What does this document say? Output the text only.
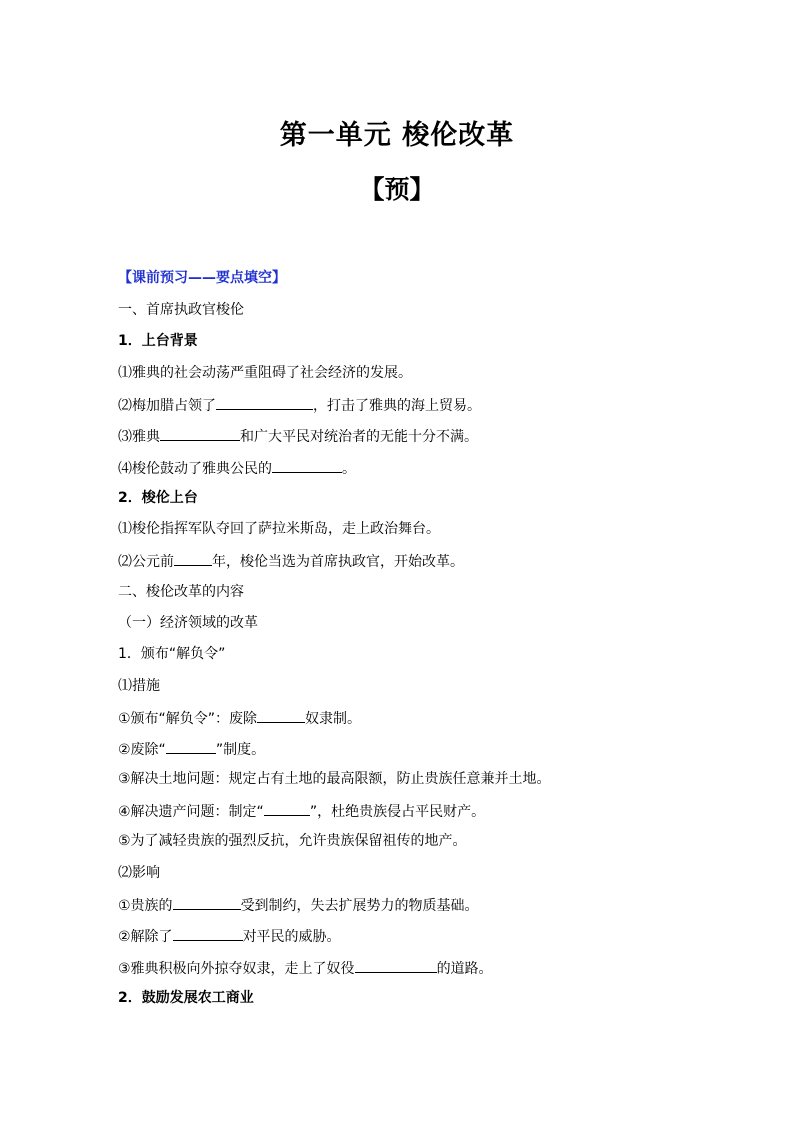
第一单元 梭伦改革
【预】
【课前预习——要点填空】
一、首席执政官梭伦
1．上台背景
⑴雅典的社会动荡严重阻碍了社会经济的发展。
⑵梅加腊占领了	，打击了雅典的海上贸易。
⑶雅典	和广大平民对统治者的无能十分不满。
⑷梭伦鼓动了雅典公民的	。
2．梭伦上台
⑴梭伦指挥军队夺回了萨拉米斯岛，走上政治舞台。
⑵公元前	年，梭伦当选为首席执政官，开始改革。
二、梭伦改革的内容
（一）经济领域的改革
1．颁布“解负令”
⑴措施
①颁布“解负令”：废除	奴隶制。
②废除“	”制度。
③解决土地问题：规定占有土地的最高限额，防止贵族任意兼并土地。
④解决遗产问题：制定“	”，杜绝贵族侵占平民财产。
⑤为了减轻贵族的强烈反抗，允许贵族保留祖传的地产。
⑵影响
①贵族的	受到制约，失去扩展势力的物质基础。
②解除了	对平民的威胁。
③雅典积极向外掠夺奴隶，走上了奴役	的道路。
2．鼓励发展农工商业
